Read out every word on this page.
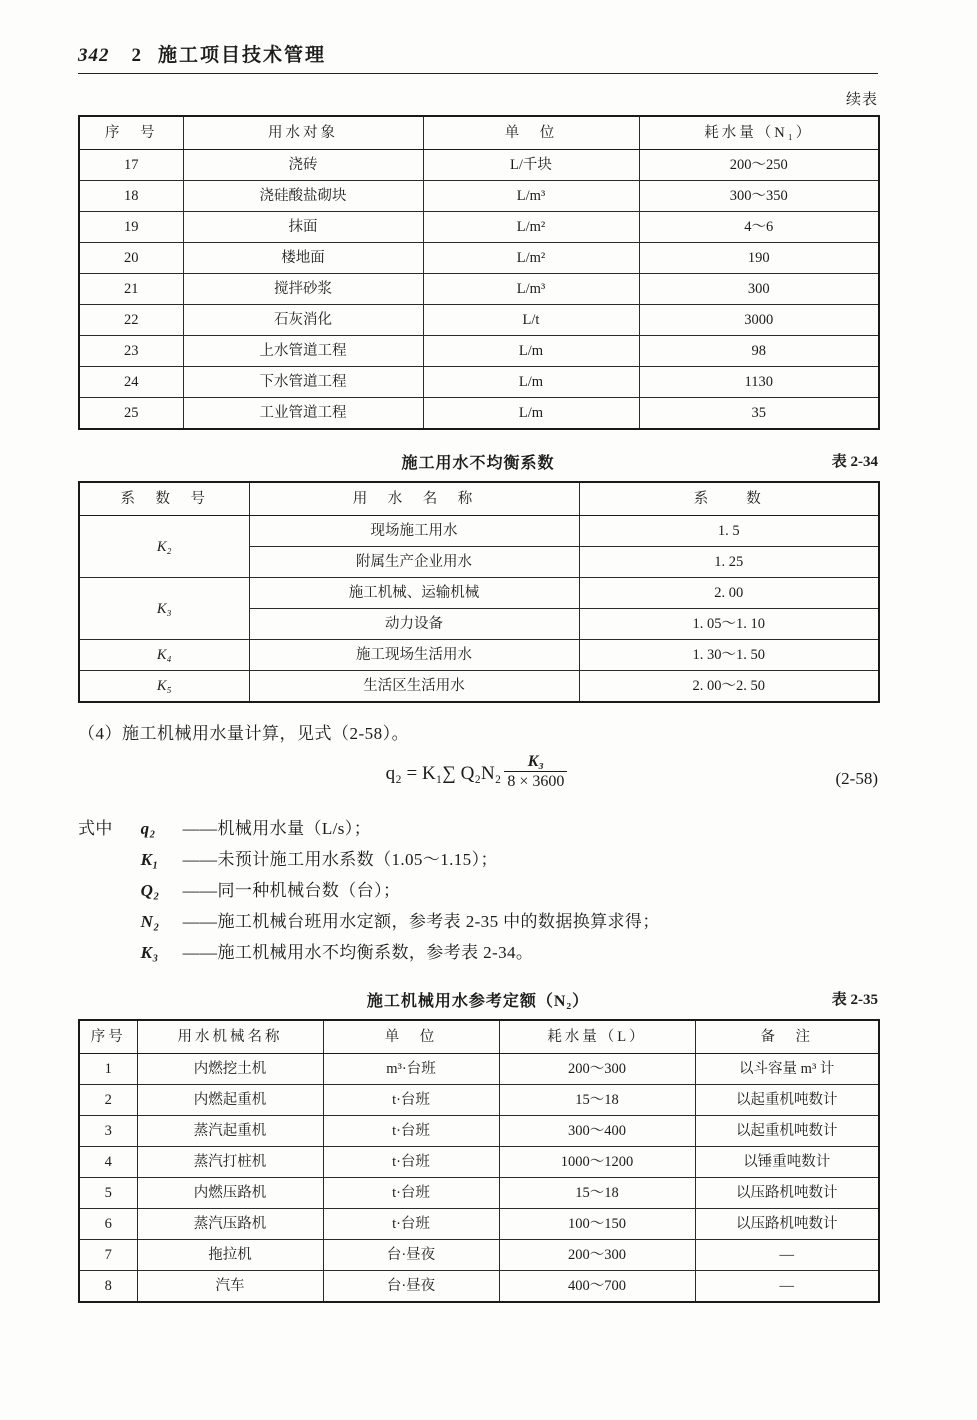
342 2 施工项目技术管理
续表
序　号	用水对象	单　位	耗水量（N₁）
17	浇砖	L/千块	200～250
18	浇硅酸盐砌块	L/m³	300～350
19	抹面	L/m²	4～6
20	楼地面	L/m²	190
21	搅拌砂浆	L/m³	300
22	石灰消化	L/t	3000
23	上水管道工程	L/m	98
24	下水管道工程	L/m	1130
25	工业管道工程	L/m	35
施工用水不均衡系数	表 2-34
系　数　号	用　水　名　称	系　　数
K₂	现场施工用水	1. 5
	附属生产企业用水	1. 25
K₃	施工机械、运输机械	2. 00
	动力设备	1. 05～1. 10
K₄	施工现场生活用水	1. 30～1. 50
K₅	生活区生活用水	2. 00～2. 50
（4）施工机械用水量计算，见式（2-58）。
q₂ = K₁∑ $Q_2N_2 \frac{\text{K₃}}{8 \times 3600}$	(2-58)
式中 q₂ ——机械用水量（L/s）；
K₁ ——未预计施工用水系数（1.05～1.15）；
Q₂ ——同一种机械台数（台）；
N₂ ——施工机械台班用水定额，参考表 2-35 中的数据换算求得；
K₃ ——施工机械用水不均衡系数，参考表 2-34。
施工机械用水参考定额（N₂）	表 2-35
序号	用水机械名称	单　位	耗水量（L）	备　注
1	内燃挖土机	m³·台班	200～300	以斗容量 m³ 计
2	内燃起重机	t·台班	15～18	以起重机吨数计
3	蒸汽起重机	t·台班	300～400	以起重机吨数计
4	蒸汽打桩机	t·台班	1000～1200	以锤重吨数计
5	内燃压路机	t·台班	15～18	以压路机吨数计
6	蒸汽压路机	t·台班	100～150	以压路机吨数计
7	拖拉机	台·昼夜	200～300	—
8	汽车	台·昼夜	400～700	—
